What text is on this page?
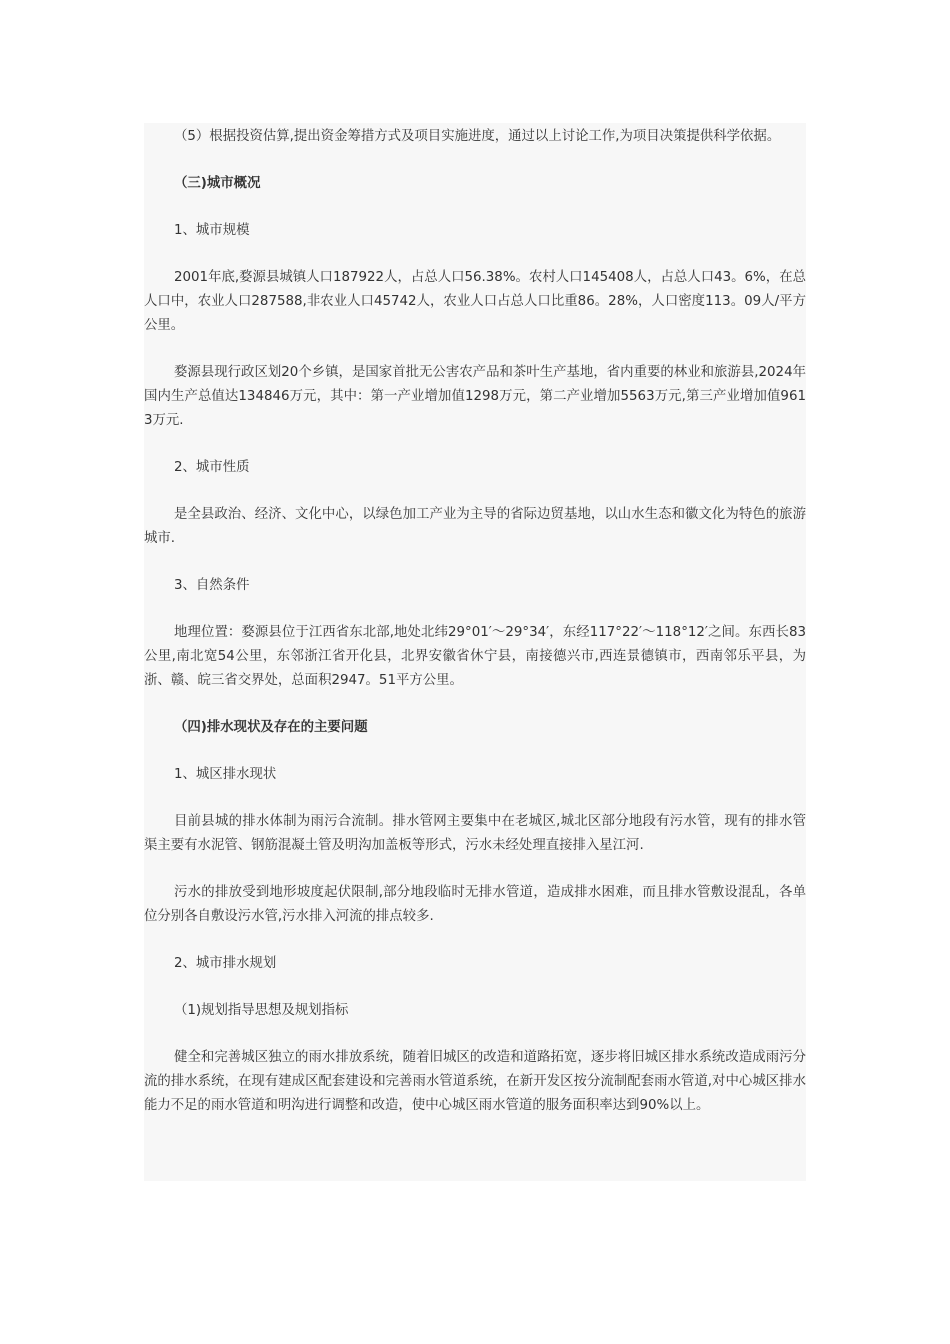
（5）根据投资估算,提出资金筹措方式及项目实施进度，通过以上讨论工作,为项目决策提供科学依据。

（三)城市概况

1、城市规模

2001年底,婺源县城镇人口187922人，占总人口56.38%。农村人口145408人，占总人口43。6%，在总人口中，农业人口287588,非农业人口45742人，农业人口占总人口比重86。28%，人口密度113。09人/平方公里。

婺源县现行政区划20个乡镇，是国家首批无公害农产品和茶叶生产基地，省内重要的林业和旅游县,2024年国内生产总值达134846万元，其中：第一产业增加值1298万元，第二产业增加5563万元,第三产业增加值9613万元.

2、城市性质

是全县政治、经济、文化中心，以绿色加工产业为主导的省际边贸基地，以山水生态和徽文化为特色的旅游城市.

3、自然条件

地理位置：婺源县位于江西省东北部,地处北纬29°01′～29°34′，东经117°22′～118°12′之间。东西长83公里,南北宽54公里，东邻浙江省开化县，北界安徽省休宁县，南接德兴市,西连景德镇市，西南邻乐平县，为浙、赣、皖三省交界处，总面积2947。51平方公里。

（四)排水现状及存在的主要问题

1、城区排水现状

目前县城的排水体制为雨污合流制。排水管网主要集中在老城区,城北区部分地段有污水管，现有的排水管渠主要有水泥管、钢筋混凝土管及明沟加盖板等形式，污水未经处理直接排入星江河.

污水的排放受到地形坡度起伏限制,部分地段临时无排水管道，造成排水困难，而且排水管敷设混乱，各单位分别各自敷设污水管,污水排入河流的排点较多.

2、城市排水规划

（1)规划指导思想及规划指标

健全和完善城区独立的雨水排放系统，随着旧城区的改造和道路拓宽，逐步将旧城区排水系统改造成雨污分流的排水系统，在现有建成区配套建设和完善雨水管道系统，在新开发区按分流制配套雨水管道,对中心城区排水能力不足的雨水管道和明沟进行调整和改造，使中心城区雨水管道的服务面积率达到90%以上。
